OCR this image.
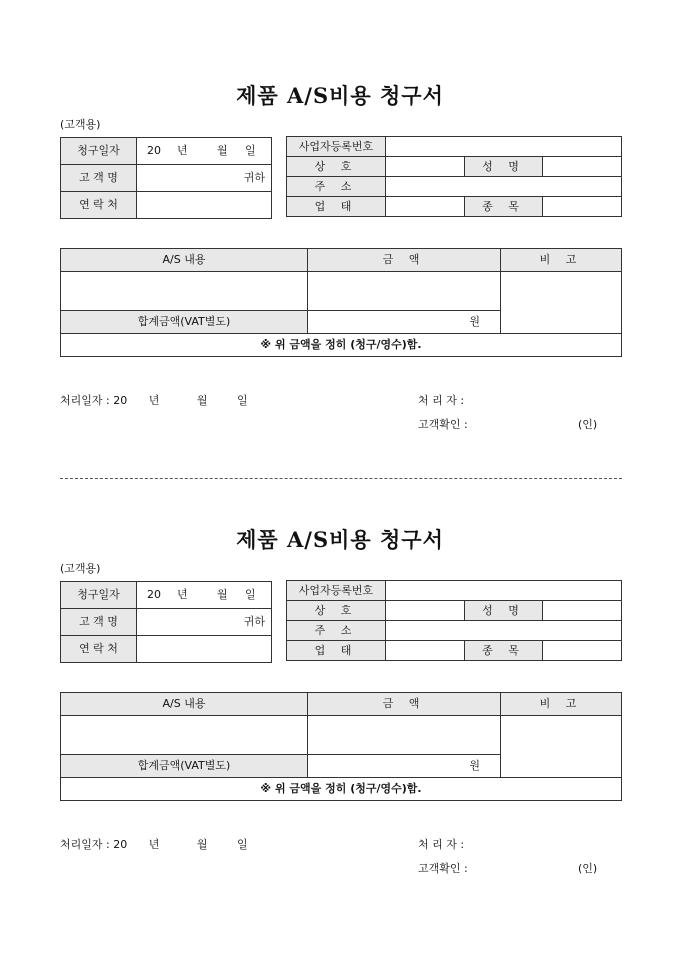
제품 A/S비용 청구서
(고객용)
청구일자	20 년 월 일
고 객 명	귀하
연 락 처	
사업자등록번호			
상 호		성 명	
주 소			
업 태		종 목	
A/S 내용	금 액	비 고

합계금액(VAT별도)	원	
※ 위 금액을 정히 (청구/영수)함.		
처리일자 : 20 년	월	일	처 리 자 :
고객확인 :	(인)
제품 A/S비용 청구서
(고객용)
청구일자	20 년 월 일
고 객 명	귀하
연 락 처	
사업자등록번호			
상 호		성 명	
주 소			
업 태		종 목	
A/S 내용	금 액	비 고

합계금액(VAT별도)	원	
※ 위 금액을 정히 (청구/영수)함.		
처리일자 : 20 년	월	일	처 리 자 :
고객확인 :	(인)
